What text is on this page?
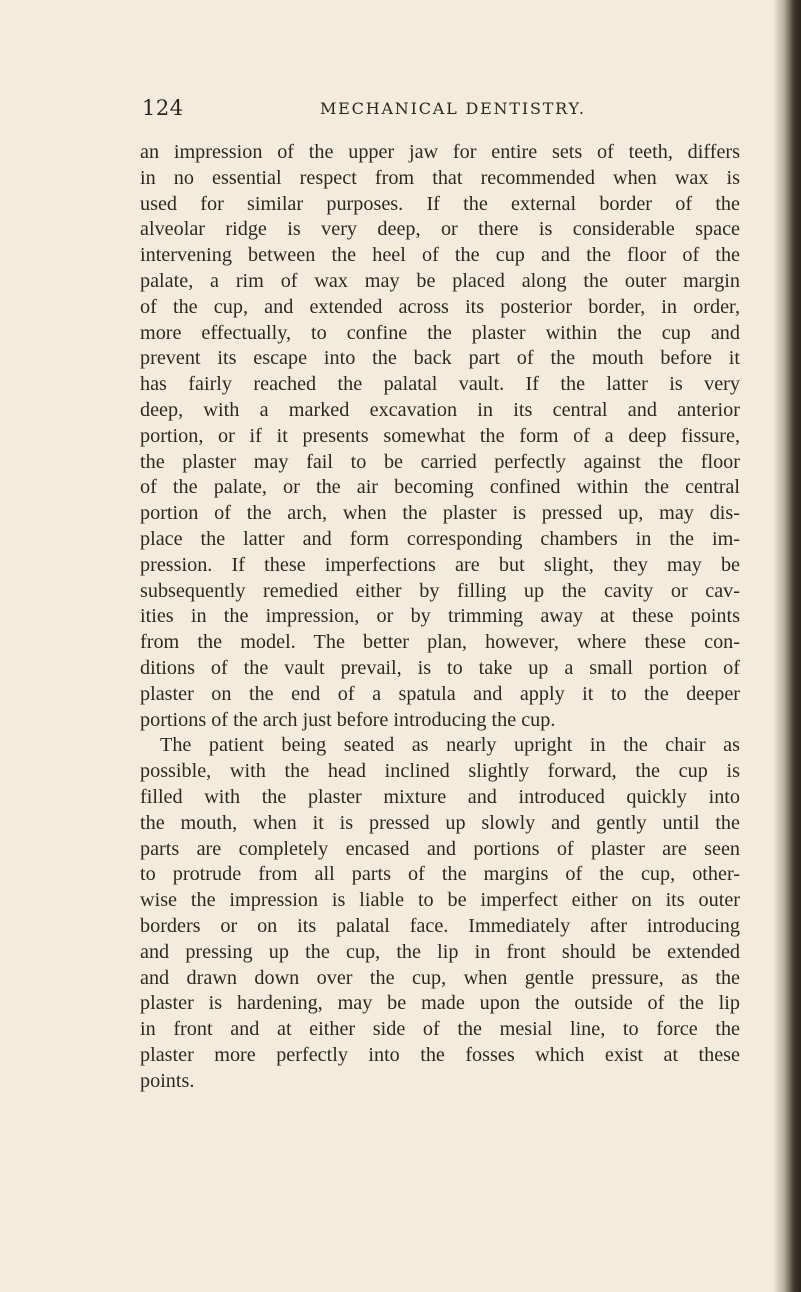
124	MECHANICAL DENTISTRY.
an impression of the upper jaw for entire sets of teeth, differs
in no essential respect from that recommended when wax is
used for similar purposes. If the external border of the
alveolar ridge is very deep, or there is considerable space
intervening between the heel of the cup and the floor of the
palate, a rim of wax may be placed along the outer margin
of the cup, and extended across its posterior border, in order,
more effectually, to confine the plaster within the cup and
prevent its escape into the back part of the mouth before it
has fairly reached the palatal vault. If the latter is very
deep, with a marked excavation in its central and anterior
portion, or if it presents somewhat the form of a deep fissure,
the plaster may fail to be carried perfectly against the floor
of the palate, or the air becoming confined within the central
portion of the arch, when the plaster is pressed up, may dis-
place the latter and form corresponding chambers in the im-
pression. If these imperfections are but slight, they may be
subsequently remedied either by filling up the cavity or cav-
ities in the impression, or by trimming away at these points
from the model. The better plan, however, where these con-
ditions of the vault prevail, is to take up a small portion of
plaster on the end of a spatula and apply it to the deeper
portions of the arch just before introducing the cup.
The patient being seated as nearly upright in the chair as
possible, with the head inclined slightly forward, the cup is
filled with the plaster mixture and introduced quickly into
the mouth, when it is pressed up slowly and gently until the
parts are completely encased and portions of plaster are seen
to protrude from all parts of the margins of the cup, other-
wise the impression is liable to be imperfect either on its outer
borders or on its palatal face. Immediately after introducing
and pressing up the cup, the lip in front should be extended
and drawn down over the cup, when gentle pressure, as the
plaster is hardening, may be made upon the outside of the lip
in front and at either side of the mesial line, to force the
plaster more perfectly into the fosses which exist at these
points.
